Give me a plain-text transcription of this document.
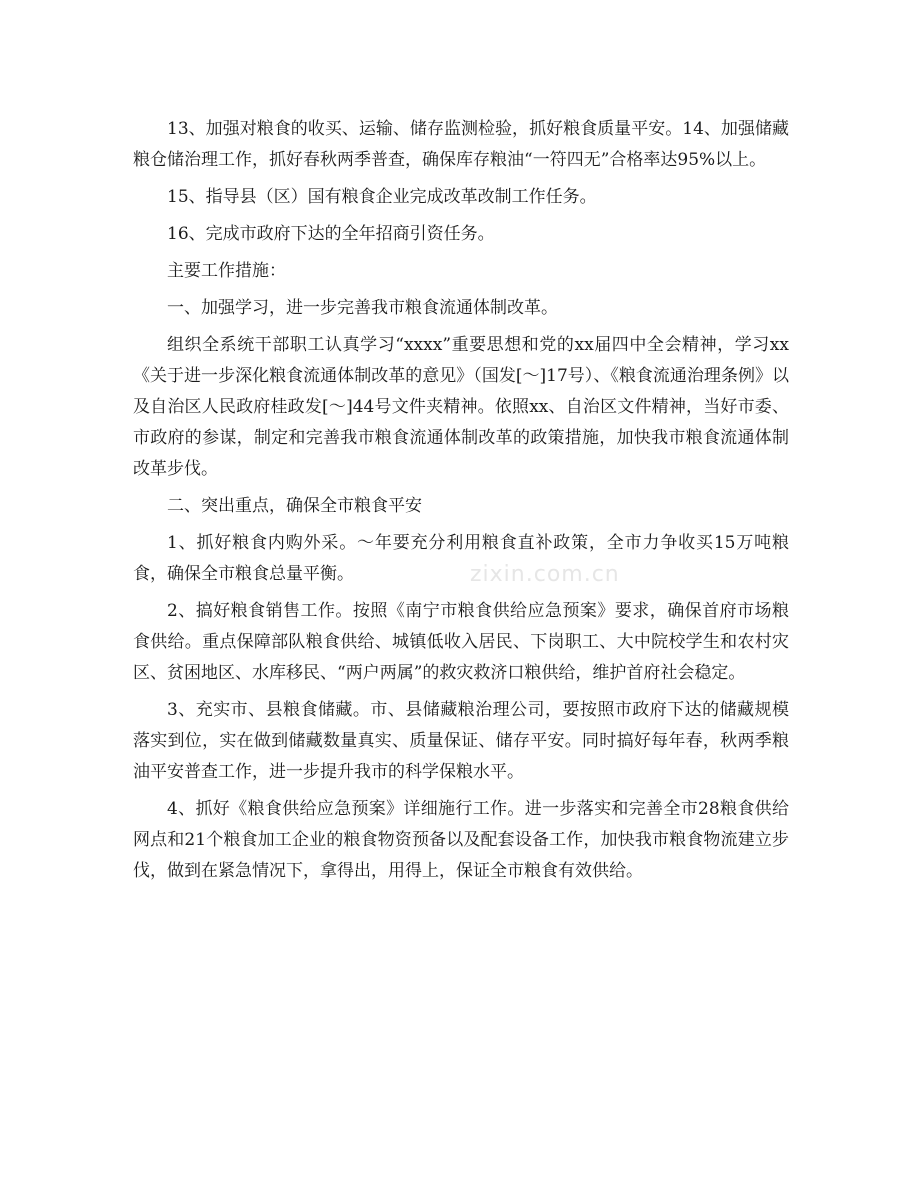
13、加强对粮食的收买、运输、储存监测检验，抓好粮食质量平安。14、加强储藏粮仓储治理工作，抓好春秋两季普查，确保库存粮油“一符四无”合格率达95%以上。

15、指导县（区）国有粮食企业完成改革改制工作任务。

16、完成市政府下达的全年招商引资任务。

主要工作措施：

一、加强学习，进一步完善我市粮食流通体制改革。

组织全系统干部职工认真学习“xxxx”重要思想和党的xx届四中全会精神，学习xx《关于进一步深化粮食流通体制改革的意见》（国发[～]17号）、《粮食流通治理条例》以及自治区人民政府桂政发[～]44号文件夹精神。依照xx、自治区文件精神，当好市委、市政府的参谋，制定和完善我市粮食流通体制改革的政策措施，加快我市粮食流通体制改革步伐。

二、突出重点，确保全市粮食平安

1、抓好粮食内购外采。～年要充分利用粮食直补政策，全市力争收买15万吨粮食，确保全市粮食总量平衡。

2、搞好粮食销售工作。按照《南宁市粮食供给应急预案》要求，确保首府市场粮食供给。重点保障部队粮食供给、城镇低收入居民、下岗职工、大中院校学生和农村灾区、贫困地区、水库移民、“两户两属”的救灾救济口粮供给，维护首府社会稳定。

3、充实市、县粮食储藏。市、县储藏粮治理公司，要按照市政府下达的储藏规模落实到位，实在做到储藏数量真实、质量保证、储存平安。同时搞好每年春，秋两季粮油平安普查工作，进一步提升我市的科学保粮水平。

4、抓好《粮食供给应急预案》详细施行工作。进一步落实和完善全市28粮食供给网点和21个粮食加工企业的粮食物资预备以及配套设备工作，加快我市粮食物流建立步伐，做到在紧急情况下，拿得出，用得上，保证全市粮食有效供给。

zixin.com.cn
